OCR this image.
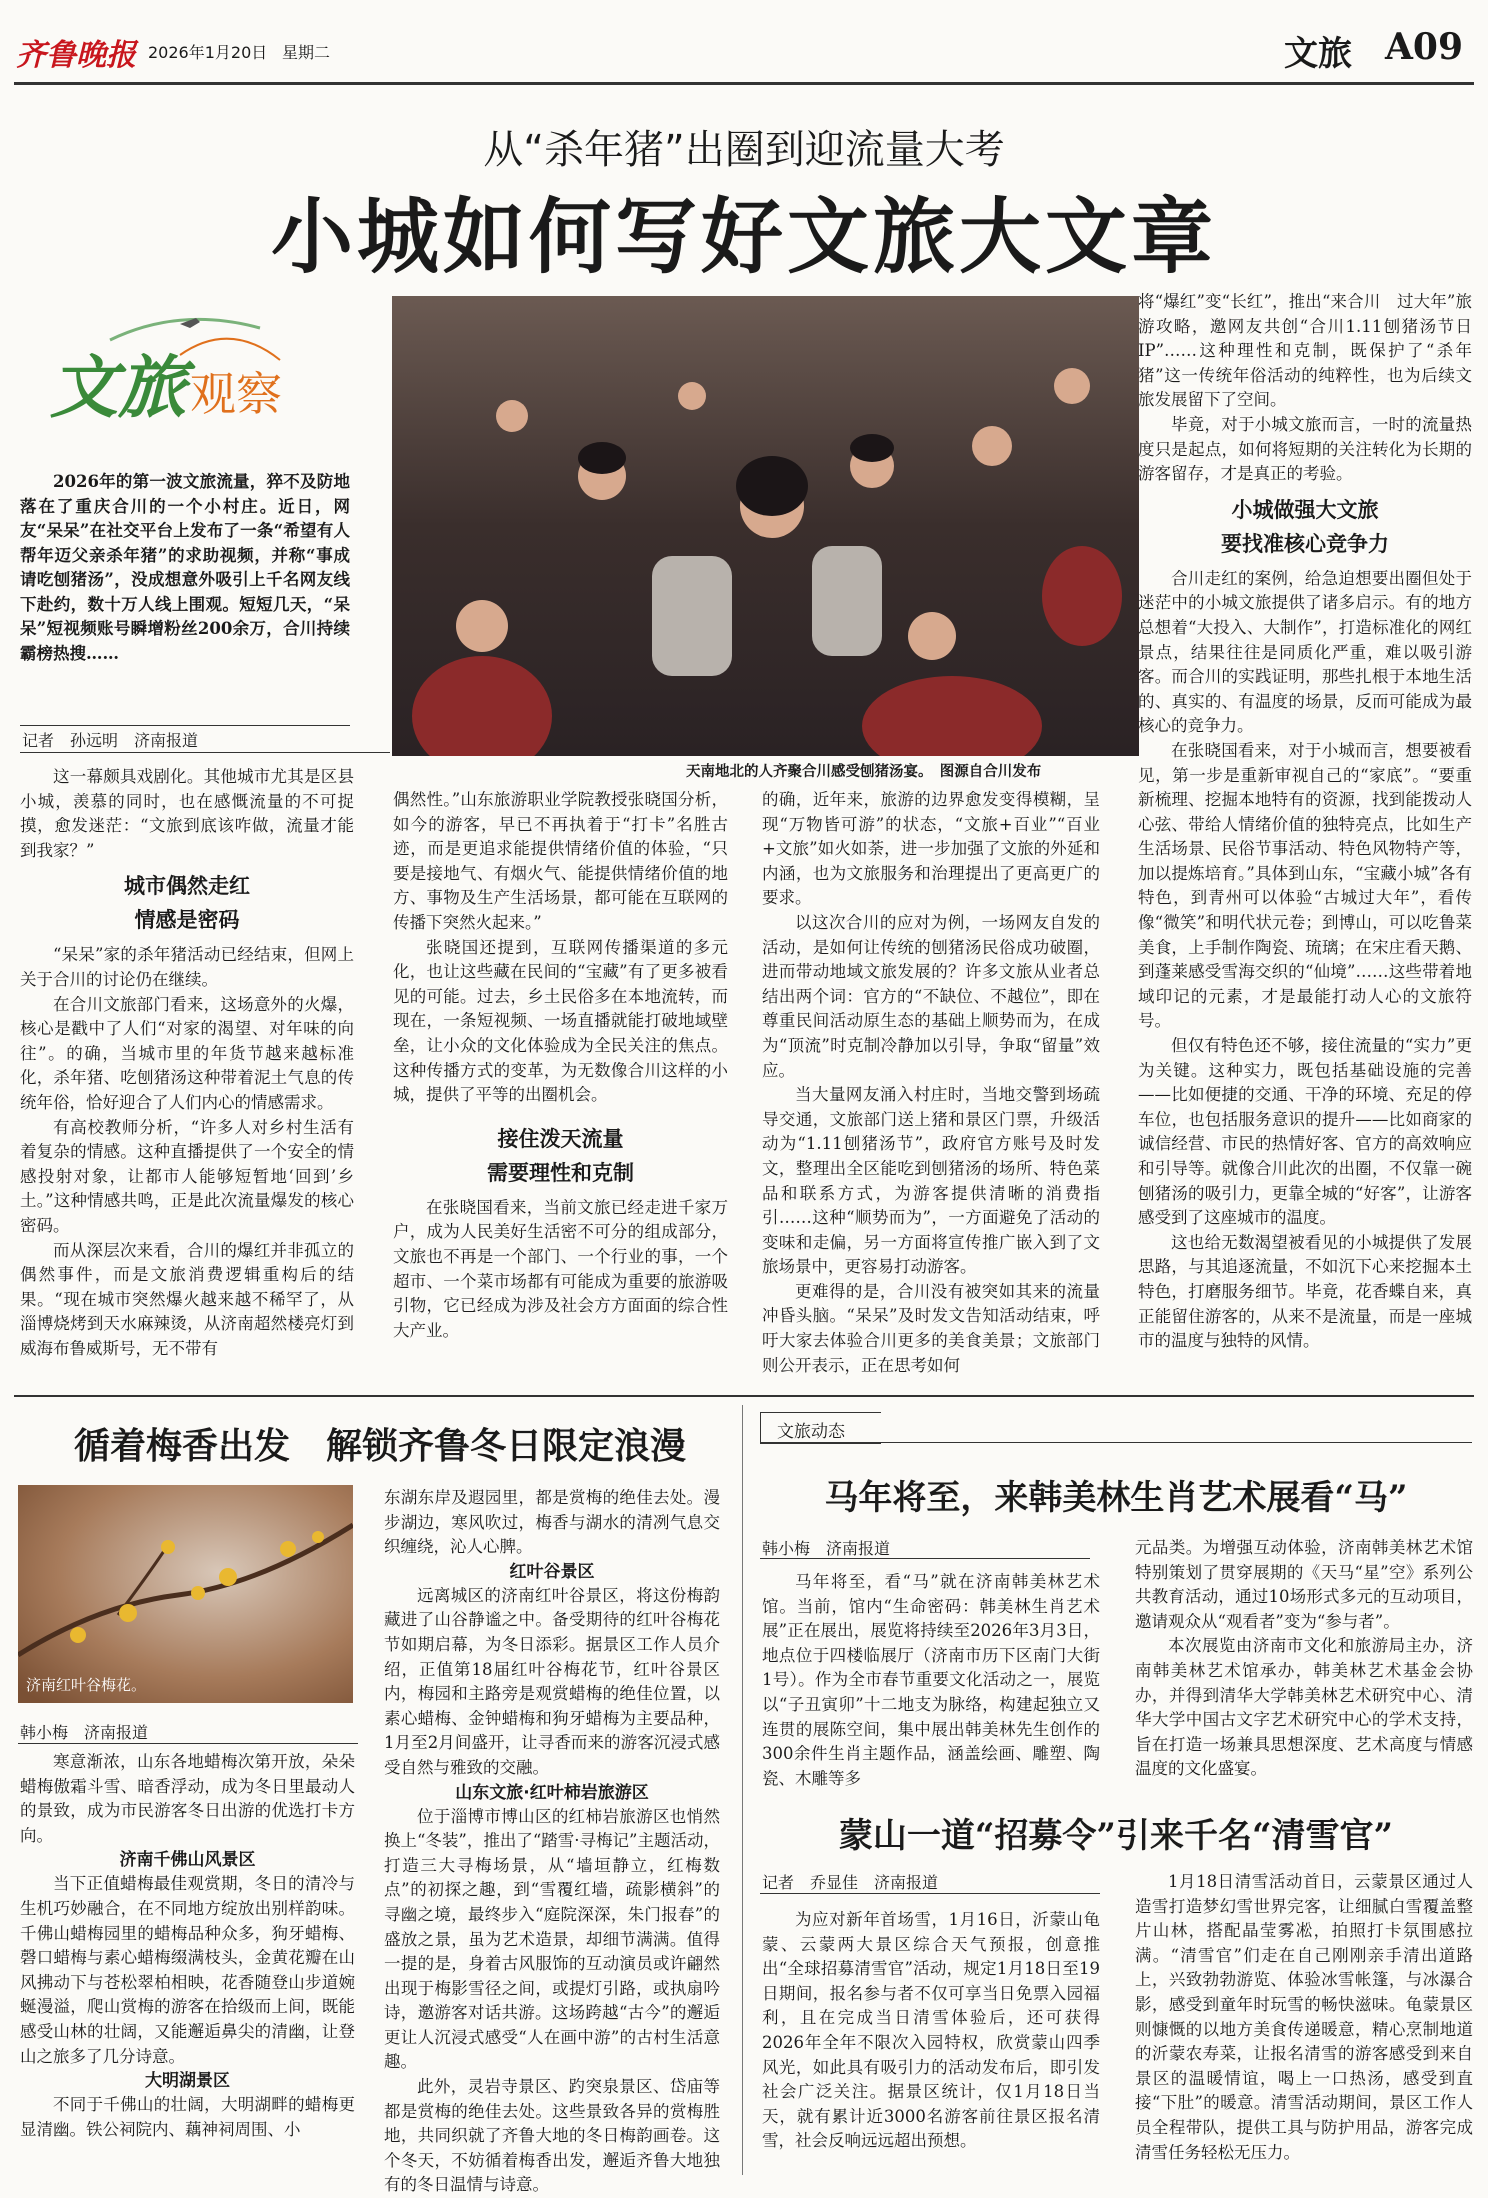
齐鲁晚报 2026年1月20日 星期二	文旅 A09
从“杀年猪”出圈到迎流量大考
小城如何写好文旅大文章
文旅 观察

2026年的第一波文旅流量，猝不及防地落在了重庆合川的一个小村庄。近日，网友“呆呆”在社交平台上发布了一条“希望有人帮年迈父亲杀年猪”的求助视频，并称“事成请吃刨猪汤”，没成想意外吸引上千名网友线下赴约，数十万人线上围观。短短几天，“呆呆”短视频账号瞬增粉丝200余万，合川持续霸榜热搜……

记者　孙远明　济南报道
天南地北的人齐聚合川感受刨猪汤宴。　图源自合川发布

这一幕颇具戏剧化。其他城市尤其是区县小城，羡慕的同时，也在感慨流量的不可捉摸，愈发迷茫：“文旅到底该咋做，流量才能到我家？”

城市偶然走红
情感是密码

“呆呆”家的杀年猪活动已经结束，但网上关于合川的讨论仍在继续。

在合川文旅部门看来，这场意外的火爆，核心是戳中了人们“对家的渴望、对年味的向往”。的确，当城市里的年货节越来越标准化，杀年猪、吃刨猪汤这种带着泥土气息的传统年俗，恰好迎合了人们内心的情感需求。

有高校教师分析，“许多人对乡村生活有着复杂的情感。这种直播提供了一个安全的情感投射对象，让都市人能够短暂地‘回到’乡土。”这种情感共鸣，正是此次流量爆发的核心密码。

而从深层次来看，合川的爆红并非孤立的偶然事件，而是文旅消费逻辑重构后的结果。“现在城市突然爆火越来越不稀罕了，从淄博烧烤到天水麻辣烫，从济南超然楼亮灯到威海布鲁威斯号，无不带有

偶然性。”山东旅游职业学院教授张晓国分析，如今的游客，早已不再执着于“打卡”名胜古迹，而是更追求能提供情绪价值的体验，“只要是接地气、有烟火气、能提供情绪价值的地方、事物及生产生活场景，都可能在互联网的传播下突然火起来。”

张晓国还提到，互联网传播渠道的多元化，也让这些藏在民间的“宝藏”有了更多被看见的可能。过去，乡土民俗多在本地流转，而现在，一条短视频、一场直播就能打破地域壁垒，让小众的文化体验成为全民关注的焦点。这种传播方式的变革，为无数像合川这样的小城，提供了平等的出圈机会。

接住泼天流量
需要理性和克制

在张晓国看来，当前文旅已经走进千家万户，成为人民美好生活密不可分的组成部分，文旅也不再是一个部门、一个行业的事，一个超市、一个菜市场都有可能成为重要的旅游吸引物，它已经成为涉及社会方方面面的综合性大产业。

的确，近年来，旅游的边界愈发变得模糊，呈现“万物皆可游”的状态，“文旅+百业”“百业+文旅”如火如荼，进一步加强了文旅的外延和内涵，也为文旅服务和治理提出了更高更广的要求。

以这次合川的应对为例，一场网友自发的活动，是如何让传统的刨猪汤民俗成功破圈，进而带动地域文旅发展的？许多文旅从业者总结出两个词：官方的“不缺位、不越位”，即在尊重民间活动原生态的基础上顺势而为，在成为“顶流”时克制冷静加以引导，争取“留量”效应。

当大量网友涌入村庄时，当地交警到场疏导交通，文旅部门送上猪和景区门票，升级活动为“1.11刨猪汤节”，政府官方账号及时发文，整理出全区能吃到刨猪汤的场所、特色菜品和联系方式，为游客提供清晰的消费指引……这种“顺势而为”，一方面避免了活动的变味和走偏，另一方面将宣传推广嵌入到了文旅场景中，更容易打动游客。

更难得的是，合川没有被突如其来的流量冲昏头脑。“呆呆”及时发文告知活动结束，呼吁大家去体验合川更多的美食美景；文旅部门则公开表示，正在思考如何

将“爆红”变“长红”，推出“来合川　过大年”旅游攻略，邀网友共创“合川1.11刨猪汤节日IP”……这种理性和克制，既保护了“杀年猪”这一传统年俗活动的纯粹性，也为后续文旅发展留下了空间。

毕竟，对于小城文旅而言，一时的流量热度只是起点，如何将短期的关注转化为长期的游客留存，才是真正的考验。

小城做强大文旅
要找准核心竞争力

合川走红的案例，给急迫想要出圈但处于迷茫中的小城文旅提供了诸多启示。有的地方总想着“大投入、大制作”，打造标准化的网红景点，结果往往是同质化严重，难以吸引游客。而合川的实践证明，那些扎根于本地生活的、真实的、有温度的场景，反而可能成为最核心的竞争力。

在张晓国看来，对于小城而言，想要被看见，第一步是重新审视自己的“家底”。“要重新梳理、挖掘本地特有的资源，找到能拨动人心弦、带给人情绪价值的独特亮点，比如生产生活场景、民俗节事活动、特色风物特产等，加以提炼培育。”具体到山东，“宝藏小城”各有特色，到青州可以体验“古城过大年”，看传像“微笑”和明代状元卷；到博山，可以吃鲁菜美食，上手制作陶瓷、琉璃；在宋庄看天鹅、到蓬莱感受雪海交织的“仙境”……这些带着地域印记的元素，才是最能打动人心的文旅符号。

但仅有特色还不够，接住流量的“实力”更为关键。这种实力，既包括基础设施的完善——比如便捷的交通、干净的环境、充足的停车位，也包括服务意识的提升——比如商家的诚信经营、市民的热情好客、官方的高效响应和引导等。就像合川此次的出圈，不仅靠一碗刨猪汤的吸引力，更靠全城的“好客”，让游客感受到了这座城市的温度。

这也给无数渴望被看见的小城提供了发展思路，与其追逐流量，不如沉下心来挖掘本土特色，打磨服务细节。毕竟，花香蝶自来，真正能留住游客的，从来不是流量，而是一座城市的温度与独特的风情。

循着梅香出发　解锁齐鲁冬日限定浪漫
济南红叶谷梅花。
韩小梅　济南报道

寒意渐浓，山东各地蜡梅次第开放，朵朵蜡梅傲霜斗雪、暗香浮动，成为冬日里最动人的景致，成为市民游客冬日出游的优选打卡方向。

济南千佛山风景区

当下正值蜡梅最佳观赏期，冬日的清冷与生机巧妙融合，在不同地方绽放出别样韵味。千佛山蜡梅园里的蜡梅品种众多，狗牙蜡梅、磬口蜡梅与素心蜡梅缀满枝头，金黄花瓣在山风拂动下与苍松翠柏相映，花香随登山步道婉蜒漫溢，爬山赏梅的游客在拾级而上间，既能感受山林的壮阔，又能邂逅鼻尖的清幽，让登山之旅多了几分诗意。

大明湖景区

不同于千佛山的壮阔，大明湖畔的蜡梅更显清幽。铁公祠院内、藕神祠周围、小

东湖东岸及遐园里，都是赏梅的绝佳去处。漫步湖边，寒风吹过，梅香与湖水的清冽气息交织缠绕，沁人心脾。

红叶谷景区

远离城区的济南红叶谷景区，将这份梅韵藏进了山谷静谧之中。备受期待的红叶谷梅花节如期启幕，为冬日添彩。据景区工作人员介绍，正值第18届红叶谷梅花节，红叶谷景区内，梅园和主路旁是观赏蜡梅的绝佳位置，以素心蜡梅、金钟蜡梅和狗牙蜡梅为主要品种，1月至2月间盛开，让寻香而来的游客沉浸式感受自然与雅致的交融。

山东文旅·红叶柿岩旅游区

位于淄博市博山区的红柿岩旅游区也悄然换上“冬装”，推出了“踏雪·寻梅记”主题活动，打造三大寻梅场景，从“墙垣静立，红梅数点”的初探之趣，到“雪覆红墙，疏影横斜”的寻幽之境，最终步入“庭院深深，朱门报春”的盛放之景，虽为艺术造景，却细节满满。值得一提的是，身着古风服饰的互动演员或许翩然出现于梅影雪径之间，或提灯引路，或执扇吟诗，邀游客对话共游。这场跨越“古今”的邂逅更让人沉浸式感受“人在画中游”的古村生活意趣。

此外，灵岩寺景区、趵突泉景区、岱庙等都是赏梅的绝佳去处。这些景致各异的赏梅胜地，共同织就了齐鲁大地的冬日梅韵画卷。这个冬天，不妨循着梅香出发，邂逅齐鲁大地独有的冬日温情与诗意。

文旅动态
马年将至，来韩美林生肖艺术展看“马”
韩小梅　济南报道

马年将至，看“马”就在济南韩美林艺术馆。当前，馆内“生命密码：韩美林生肖艺术展”正在展出，展览将持续至2026年3月3日，地点位于四楼临展厅（济南市历下区南门大街1号）。作为全市春节重要文化活动之一，展览以“子丑寅卯”十二地支为脉络，构建起独立又连贯的展陈空间，集中展出韩美林先生创作的300余件生肖主题作品，涵盖绘画、雕塑、陶瓷、木雕等多

元品类。为增强互动体验，济南韩美林艺术馆特别策划了贯穿展期的《天马“星”空》系列公共教育活动，通过10场形式多元的互动项目，邀请观众从“观看者”变为“参与者”。

本次展览由济南市文化和旅游局主办，济南韩美林艺术馆承办，韩美林艺术基金会协办，并得到清华大学韩美林艺术研究中心、清华大学中国古文字艺术研究中心的学术支持，旨在打造一场兼具思想深度、艺术高度与情感温度的文化盛宴。

蒙山一道“招募令”引来千名“清雪官”
记者　乔显佳　济南报道

为应对新年首场雪，1月16日，沂蒙山龟蒙、云蒙两大景区综合天气预报，创意推出“全球招募清雪官”活动，规定1月18日至19日期间，报名参与者不仅可享当日免票入园福利，且在完成当日清雪体验后，还可获得2026年全年不限次入园特权，欣赏蒙山四季风光，如此具有吸引力的活动发布后，即引发社会广泛关注。据景区统计，仅1月18日当天，就有累计近3000名游客前往景区报名清雪，社会反响远远超出预想。

1月18日清雪活动首日，云蒙景区通过人造雪打造梦幻雪世界完客，让细腻白雪覆盖整片山林，搭配晶莹雾凇，拍照打卡氛围感拉满。“清雪官”们走在自己刚刚亲手清出道路上，兴致勃勃游览、体验冰雪帐篷，与冰瀑合影，感受到童年时玩雪的畅快滋味。龟蒙景区则慷慨的以地方美食传递暖意，精心烹制地道的沂蒙农寿菜，让报名清雪的游客感受到来自景区的温暖情谊，喝上一口热汤，感受到直接“下肚”的暖意。清雪活动期间，景区工作人员全程带队，提供工具与防护用品，游客完成清雪任务轻松无压力。
